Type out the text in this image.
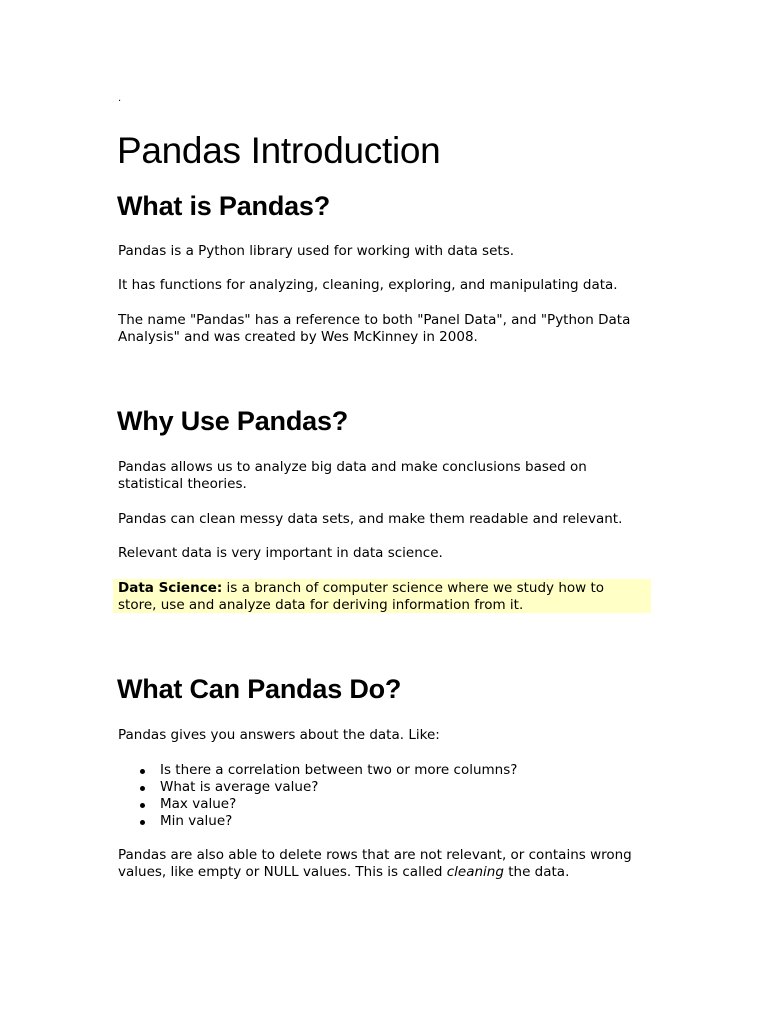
.
Pandas Introduction
What is Pandas?

Pandas is a Python library used for working with data sets.

It has functions for analyzing, cleaning, exploring, and manipulating data.

The name "Pandas" has a reference to both "Panel Data", and "Python Data
Analysis" and was created by Wes McKinney in 2008.

Why Use Pandas?

Pandas allows us to analyze big data and make conclusions based on
statistical theories.

Pandas can clean messy data sets, and make them readable and relevant.

Relevant data is very important in data science.

Data Science: is a branch of computer science where we study how to
store, use and analyze data for deriving information from it.

What Can Pandas Do?

Pandas gives you answers about the data. Like:

Is there a correlation between two or more columns?
What is average value?
Max value?
Min value?

Pandas are also able to delete rows that are not relevant, or contains wrong
values, like empty or NULL values. This is called cleaning the data.
